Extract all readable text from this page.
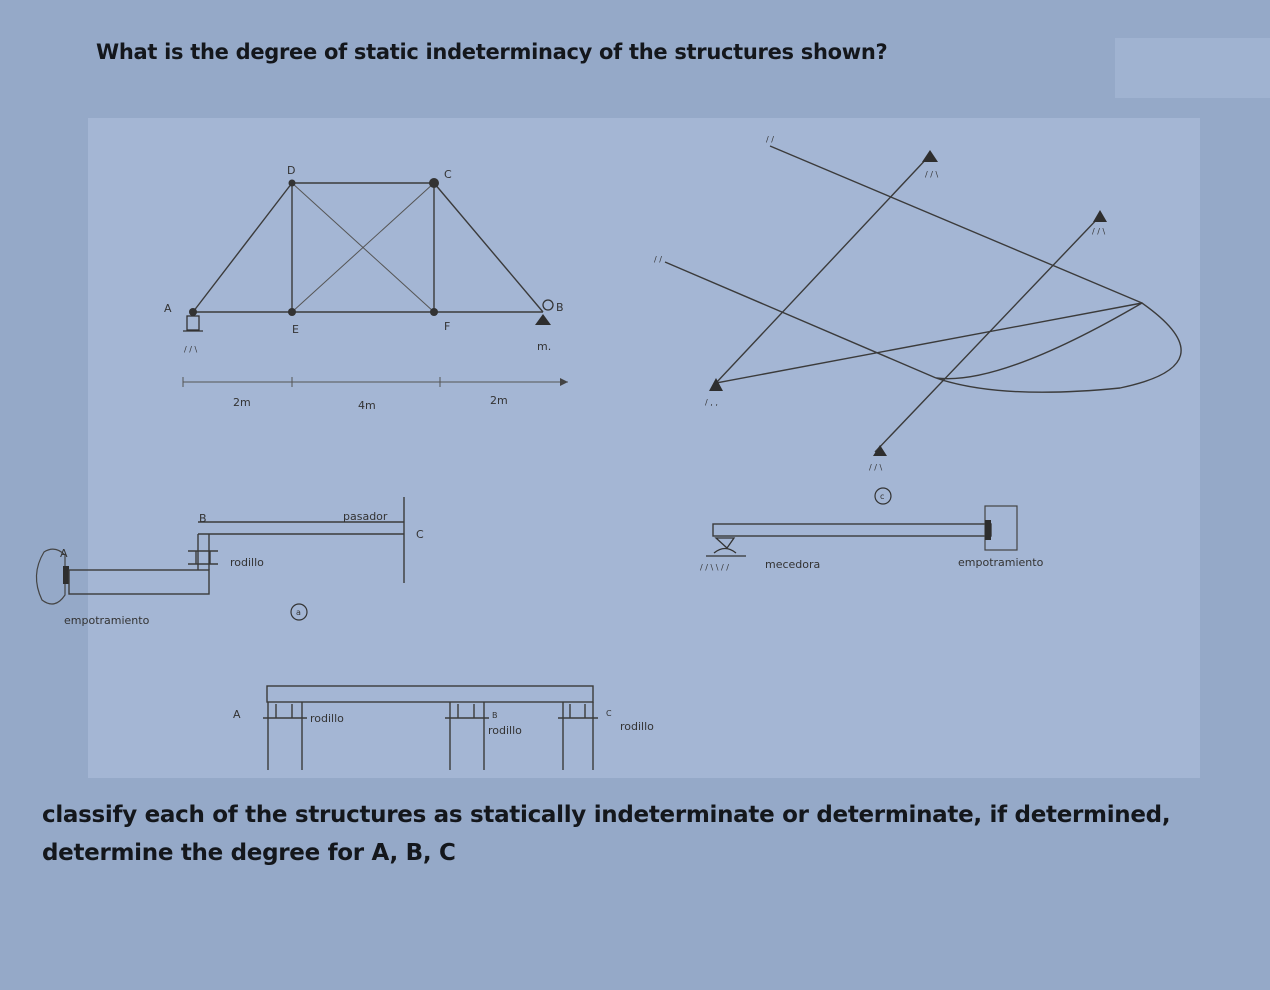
What is the degree of static indeterminacy of the structures shown?
/ / \
A
D	C
E	F
B
m.
2m	4m	2m	/ , ,
/ / \
/ / \
/ / \
/ /
/ /
A
B
C
rodillo
empotramiento
pasador
a
/ / \ \ / /	mecedora	empotramiento
c
A	B	C
rodillo
rodillo	rodillo
classify each of the structures as statically indeterminate or determinate, if determined,
determine the degree for A, B, C
